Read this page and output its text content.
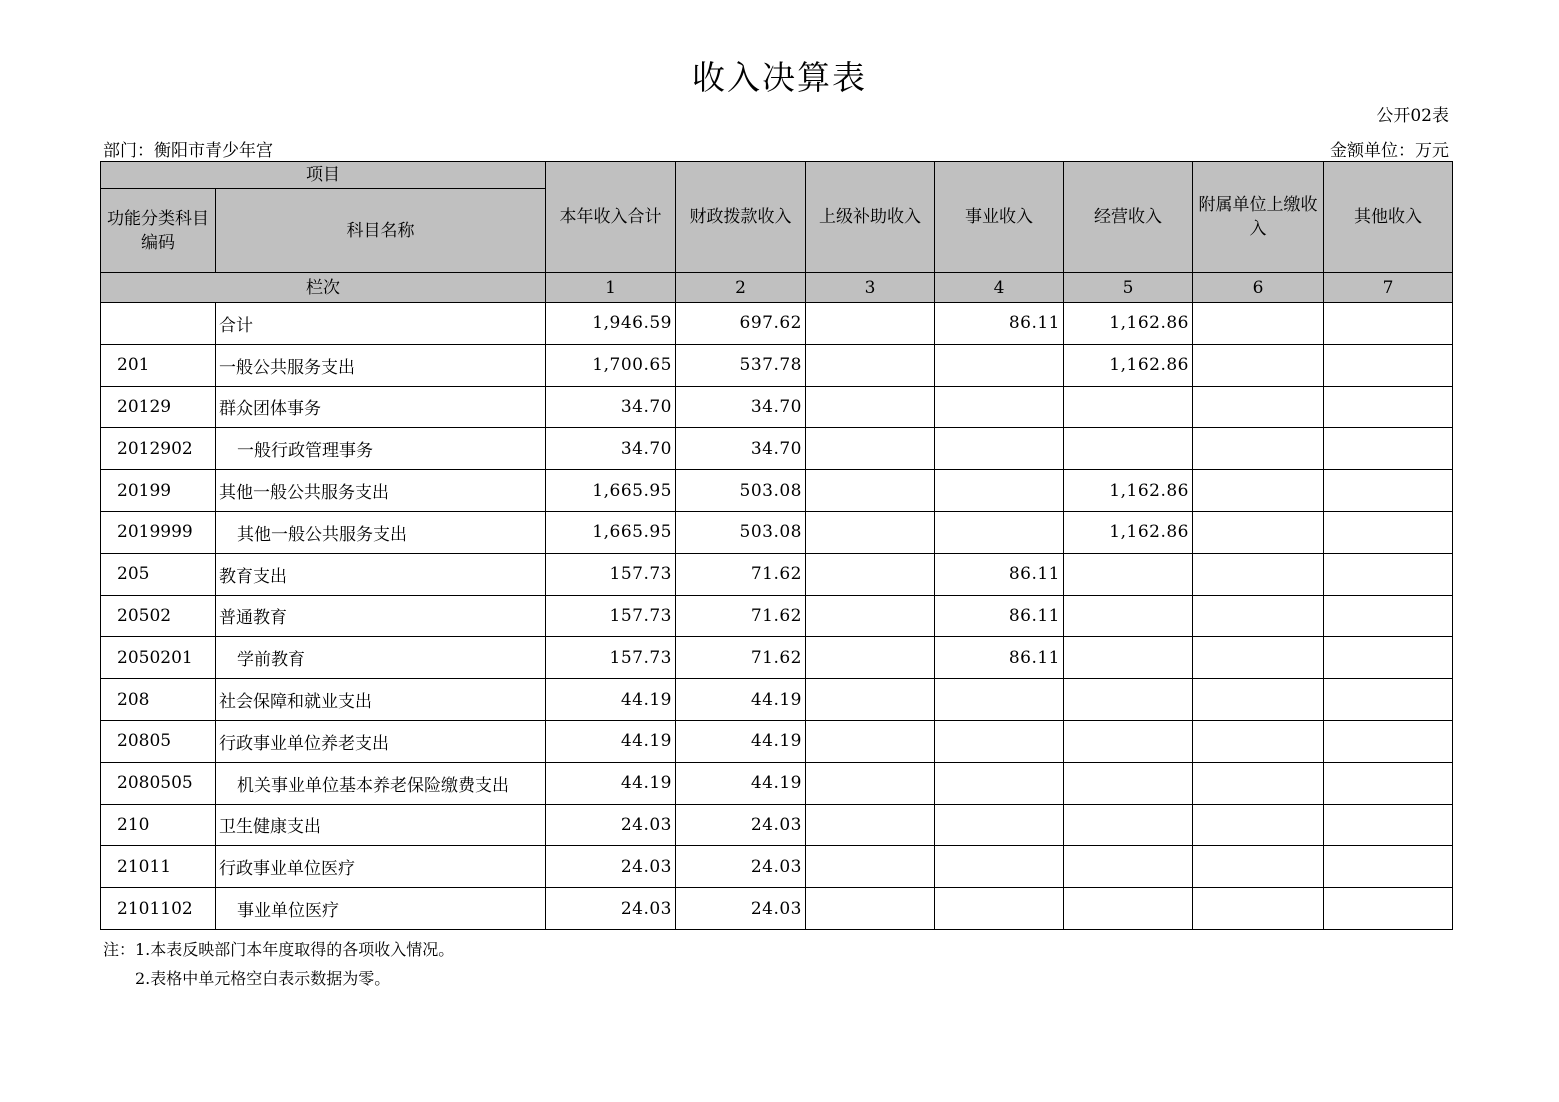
收入决算表
公开02表
部门：衡阳市青少年宫	金额单位：万元
项目		本年收入合计	财政拨款收入	上级补助收入	事业收入	经营收入	附属单位上缴收入	其他收入
功能分类科目编码	科目名称							
栏次		1	2	3	4	5	6	7
	合计	1,946.59	697.62		86.11	1,162.86		
201	一般公共服务支出	1,700.65	537.78			1,162.86		
20129	群众团体事务	34.70	34.70					
2012902	一般行政管理事务	34.70	34.70					
20199	其他一般公共服务支出	1,665.95	503.08			1,162.86		
2019999	其他一般公共服务支出	1,665.95	503.08			1,162.86		
205	教育支出	157.73	71.62		86.11			
20502	普通教育	157.73	71.62		86.11			
2050201	学前教育	157.73	71.62		86.11			
208	社会保障和就业支出	44.19	44.19					
20805	行政事业单位养老支出	44.19	44.19					
2080505	机关事业单位基本养老保险缴费支出	44.19	44.19					
210	卫生健康支出	24.03	24.03					
21011	行政事业单位医疗	24.03	24.03					
2101102	事业单位医疗	24.03	24.03					
注：1.本表反映部门本年度取得的各项收入情况。
2.表格中单元格空白表示数据为零。
